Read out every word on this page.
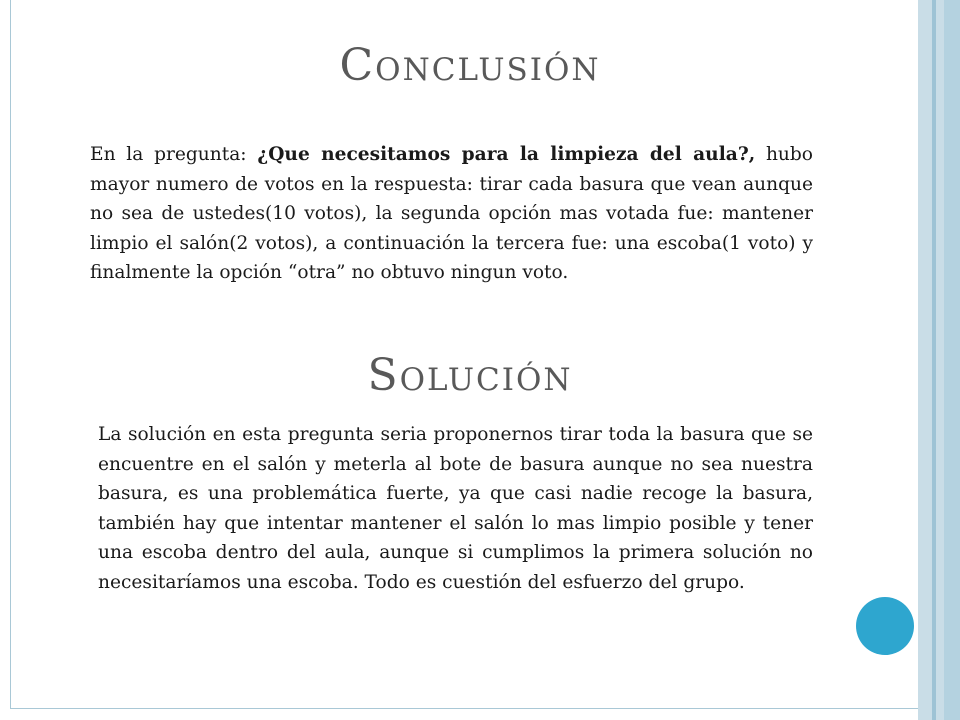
Conclusión

En la pregunta: ¿Que necesitamos para la limpieza del aula?, hubo mayor numero de votos en la respuesta: tirar cada basura que vean aunque no sea de ustedes(10 votos), la segunda opción mas votada fue: mantener limpio el salón(2 votos), a continuación la tercera fue: una escoba(1 voto) y finalmente la opción “otra” no obtuvo ningun voto.

Solución

La solución en esta pregunta seria proponernos tirar toda la basura que se encuentre en el salón y meterla al bote de basura aunque no sea nuestra basura, es una problemática fuerte, ya que casi nadie recoge la basura, también hay que intentar mantener el salón lo mas limpio posible y tener una escoba dentro del aula, aunque si cumplimos la primera solución no necesitaríamos una escoba. Todo es cuestión del esfuerzo del grupo.
